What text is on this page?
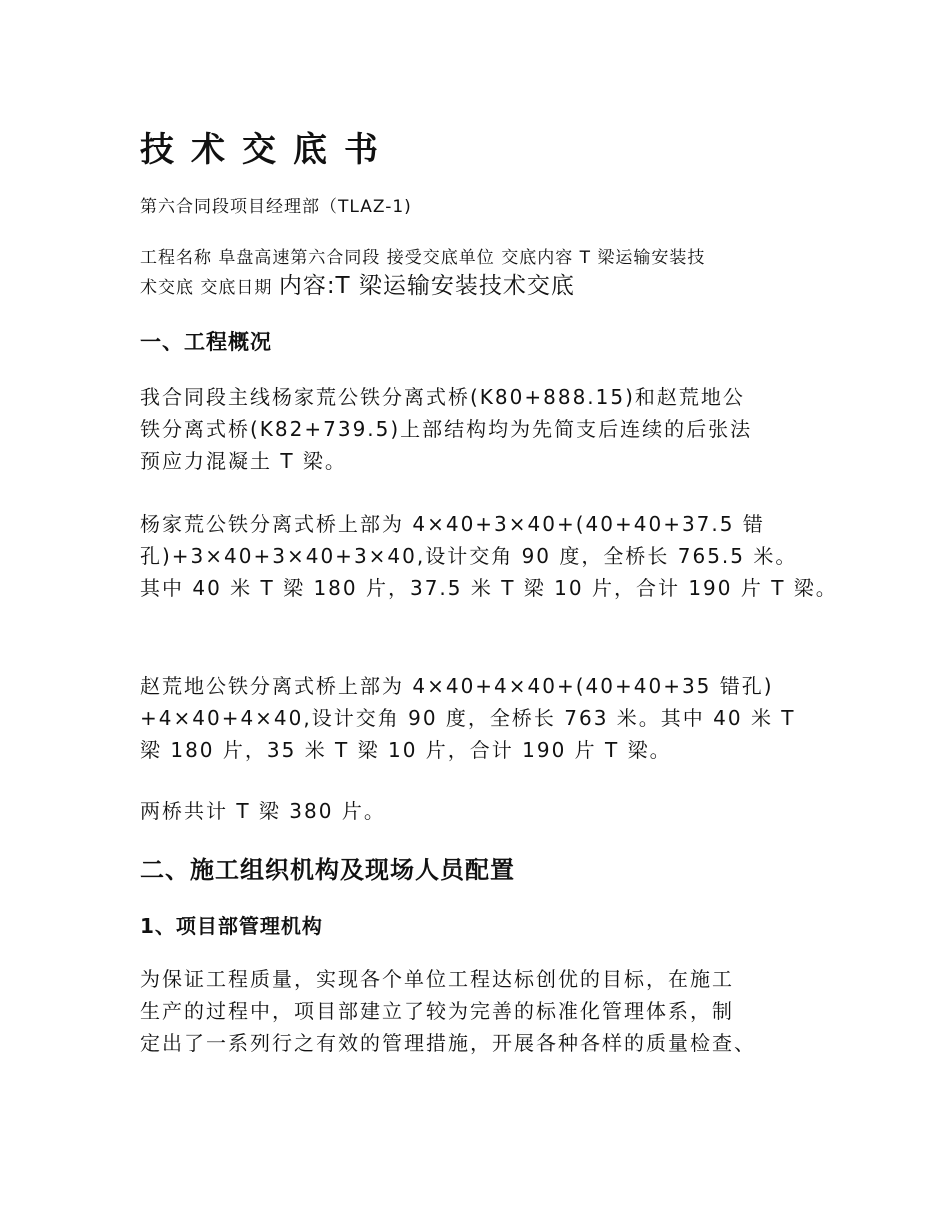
技术交底书

第六合同段项目经理部（TLAZ-1)

工程名称 阜盘高速第六合同段 接受交底单位 交底内容 T 梁运输安装技
术交底 交底日期 内容:T 梁运输安装技术交底
一、工程概况
我合同段主线杨家荒公铁分离式桥(K80+888.15)和赵荒地公
铁分离式桥(K82+739.5)上部结构均为先简支后连续的后张法
预应力混凝土 T 梁。
杨家荒公铁分离式桥上部为 4×40+3×40+(40+40+37.5 错
孔)+3×40+3×40+3×40,设计交角 90 度，全桥长 765.5 米。
其中 40 米 T 梁 180 片，37.5 米 T 梁 10 片，合计 190 片 T 梁。
赵荒地公铁分离式桥上部为 4×40+4×40+(40+40+35 错孔)
+4×40+4×40,设计交角 90 度，全桥长 763 米。其中 40 米 T
梁 180 片，35 米 T 梁 10 片，合计 190 片 T 梁。

两桥共计 T 梁 380 片。

二、施工组织机构及现场人员配置
1、项目部管理机构
为保证工程质量，实现各个单位工程达标创优的目标，在施工
生产的过程中，项目部建立了较为完善的标准化管理体系，制
定出了一系列行之有效的管理措施，开展各种各样的质量检查、
